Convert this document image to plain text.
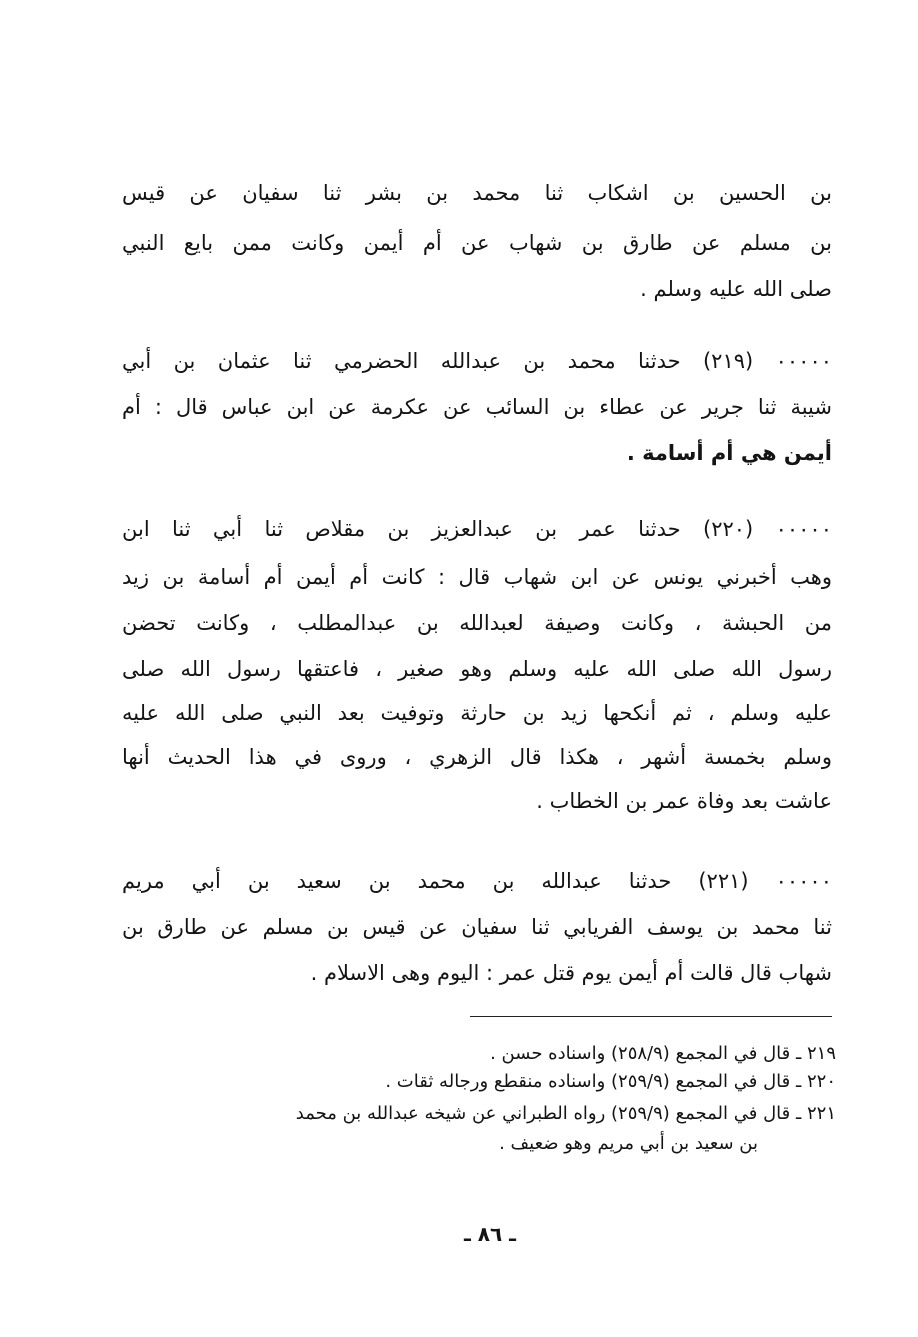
بن الحسين بن اشكاب ثنا محمد بن بشر ثنا سفيان عن قيس
بن مسلم عن طارق بن شهاب عن أم أيمن وكانت ممن بايع النبي
صلى الله عليه وسلم .
٠٠٠٠٠ (٢١٩) حدثنا محمد بن عبدالله الحضرمي ثنا عثمان بن أبي
شيبة ثنا جرير عن عطاء بن السائب عن عكرمة عن ابن عباس قال : أم
أيمن هي أم أسامة .
٠٠٠٠٠ (٢٢٠) حدثنا عمر بن عبدالعزيز بن مقلاص ثنا أبي ثنا ابن
وهب أخبرني يونس عن ابن شهاب قال : كانت أم أيمن أم أسامة بن زيد
من الحبشة ، وكانت وصيفة لعبدالله بن عبدالمطلب ، وكانت تحضن
رسول الله صلى الله عليه وسلم وهو صغير ، فاعتقها رسول الله صلى
عليه وسلم ، ثم أنكحها زيد بن حارثة وتوفيت بعد النبي صلى الله عليه
وسلم بخمسة أشهر ، هكذا قال الزهري ، وروى في هذا الحديث أنها
عاشت بعد وفاة عمر بن الخطاب .
٠٠٠٠٠ (٢٢١) حدثنا عبدالله بن محمد بن سعيد بن أبي مريم
ثنا محمد بن يوسف الفريابي ثنا سفيان عن قيس بن مسلم عن طارق بن
شهاب قال قالت أم أيمن يوم قتل عمر : اليوم وهى الاسلام .
٢١٩ ـ قال في المجمع (٢٥٨/٩) واسناده حسن .
٢٢٠ ـ قال في المجمع (٢٥٩/٩) واسناده منقطع ورجاله ثقات .
٢٢١ ـ قال في المجمع (٢٥٩/٩) رواه الطبراني عن شيخه عبدالله بن محمد
بن سعيد بن أبي مريم وهو ضعيف .
ـ ٨٦ ـ
